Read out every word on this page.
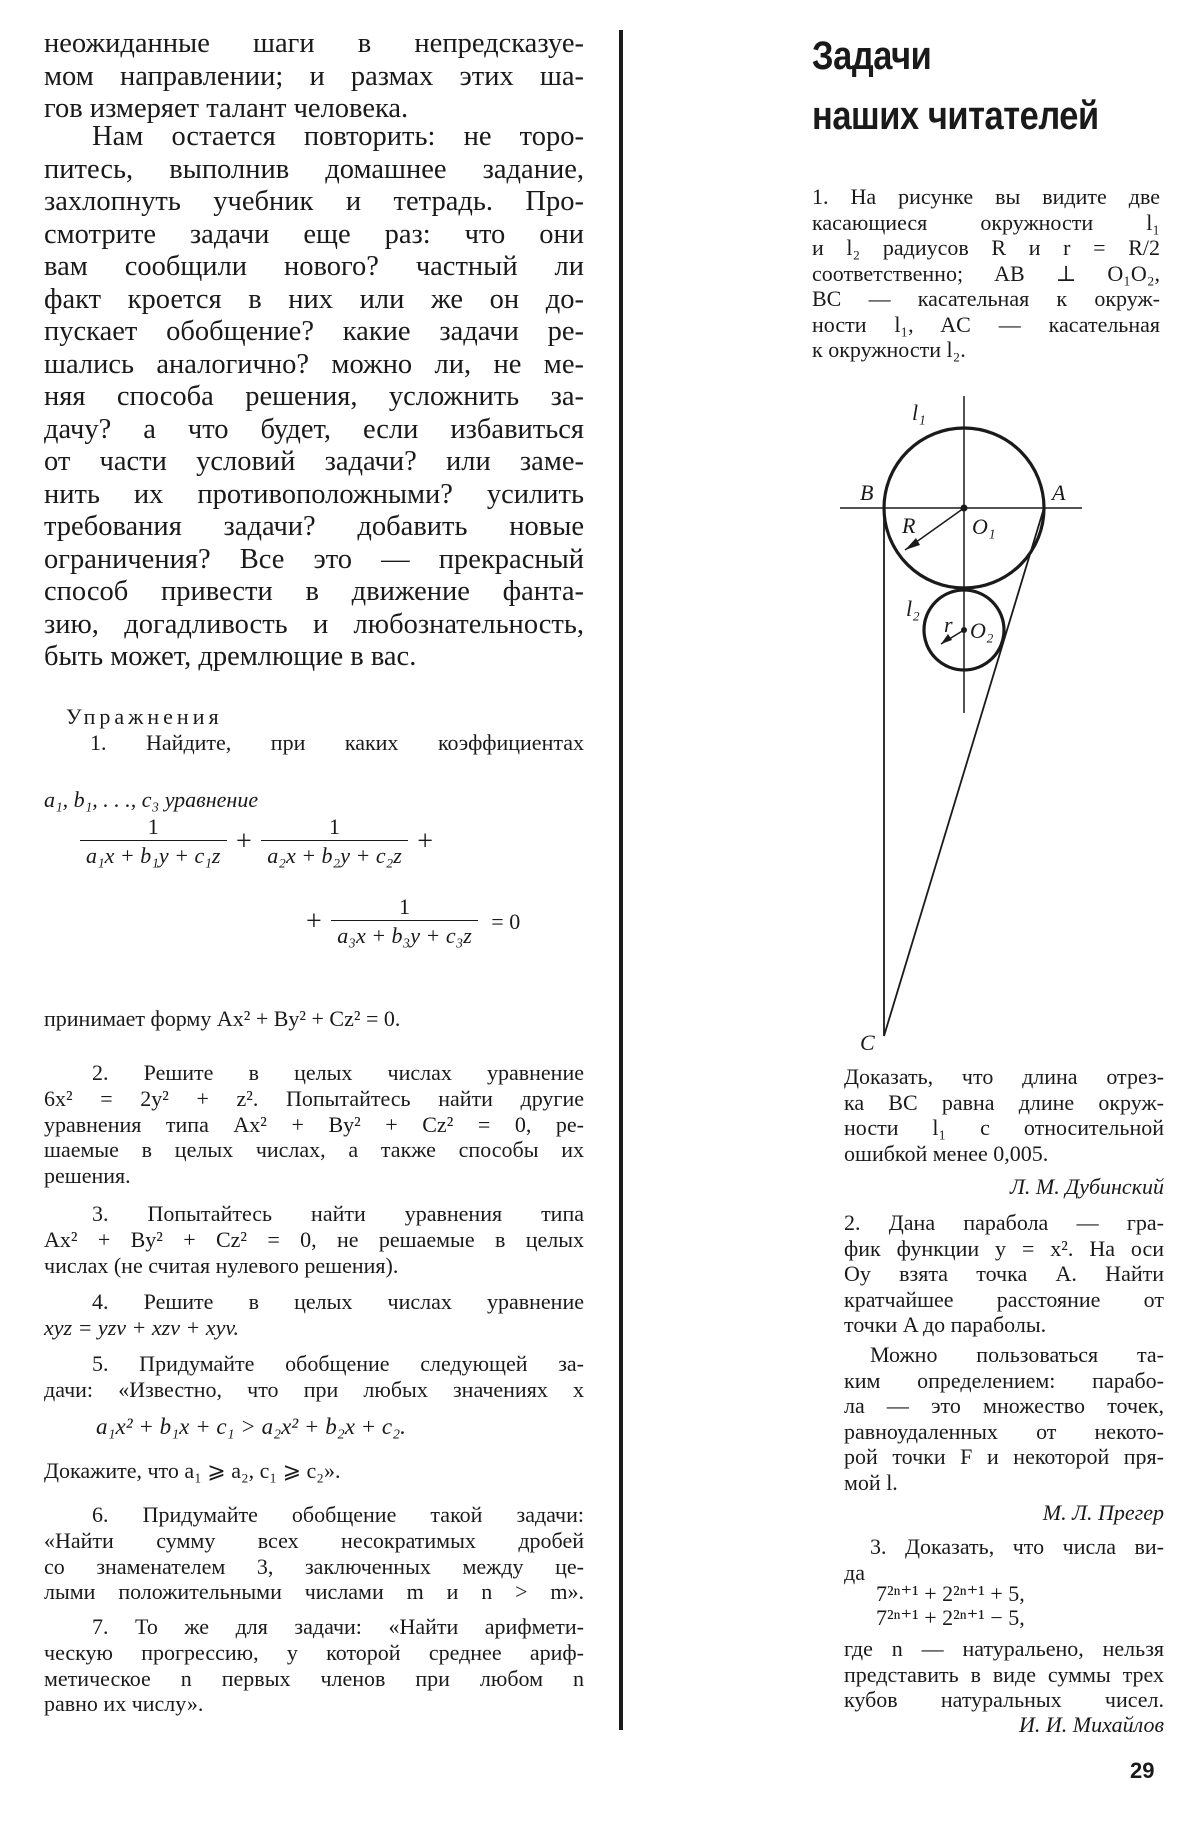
неожиданные шаги в непредсказуе-
мом направлении; и размах этих ша-
гов измеряет талант человека.
Нам остается повторить: не торо-
питесь, выполнив домашнее задание,
захлопнуть учебник и тетрадь. Про-
смотрите задачи еще раз: что они
вам сообщили нового? частный ли
факт кроется в них или же он до-
пускает обобщение? какие задачи ре-
шались аналогично? можно ли, не ме-
няя способа решения, усложнить за-
дачу? а что будет, если избавиться
от части условий задачи? или заме-
нить их противоположными? усилить
требования задачи? добавить новые
ограничения? Все это — прекрасный
способ привести в движение фанта-
зию, догадливость и любознательность,
быть может, дремлющие в вас.
Упражнения
1. Найдите, при каких коэффициентах
a₁, b₁, . . ., c₃ уравнение
$\frac{1}{\text{a₁x + b₁y + c₁z}} + \frac{1}{\text{a₂x + b₂y + c₂z}}$ +
+ $\frac{1}{\text{a₃x + b₃y + c₃z}} = 0$
принимает форму Ax² + By² + Cz² = 0.
2. Решите в целых числах уравнение
6x² = 2y² + z². Попытайтесь найти другие
уравнения типа Ax² + By² + Cz² = 0, ре-
шаемые в целых числах, а также способы их
решения.
3. Попытайтесь найти уравнения типа
Ax² + By² + Cz² = 0, не решаемые в целых
числах (не считая нулевого решения).
4. Решите в целых числах уравнение
xyz = yzv + xzv + xyv.
5. Придумайте обобщение следующей за-
дачи: «Известно, что при любых значениях x
a₁x² + b₁x + c₁ > a₂x² + b₂x + c₂.
Докажите, что a₁ ⩾ a₂, c₁ ⩾ c₂».
6. Придумайте обобщение такой задачи:
«Найти сумму всех несократимых дробей
со знаменателем 3, заключенных между це-
лыми положительными числами m и n > m».
7. То же для задачи: «Найти арифмети-
ческую прогрессию, у которой среднее ариф-
метическое n первых членов при любом n
равно их числу».
Задачи
наших читателей
1. На рисунке вы видите две
касающиеся окружности l₁
и l₂ радиусов R и r = R/2
соответственно; AB ⊥ O₁O₂,
BC — касательная к окруж-
ности l₁, AC — касательная
к окружности l₂.
l₁
B	A
R	O₁
l₂
r O₂
C
Доказать, что длина отрез-
ка BC равна длине окруж-
ности l₁ с относительной
ошибкой менее 0,005.
Л. М. Дубинский
2. Дана парабола — гра-
фик функции y = x². На оси
Oy взята точка A. Найти
кратчайшее расстояние от
точки A до параболы.
Можно пользоваться та-
ким определением: парабо-
ла — это множество точек,
равноудаленных от некото-
рой точки F и некоторой пря-
мой l.
М. Л. Прегер
3. Доказать, что числа ви-
да
7²ⁿ⁺¹ + 2²ⁿ⁺¹ + 5,
7²ⁿ⁺¹ + 2²ⁿ⁺¹ − 5,
где n — натуральено, нельзя
представить в виде суммы трех
кубов натуральных чисел.
И. И. Михайлов
29
